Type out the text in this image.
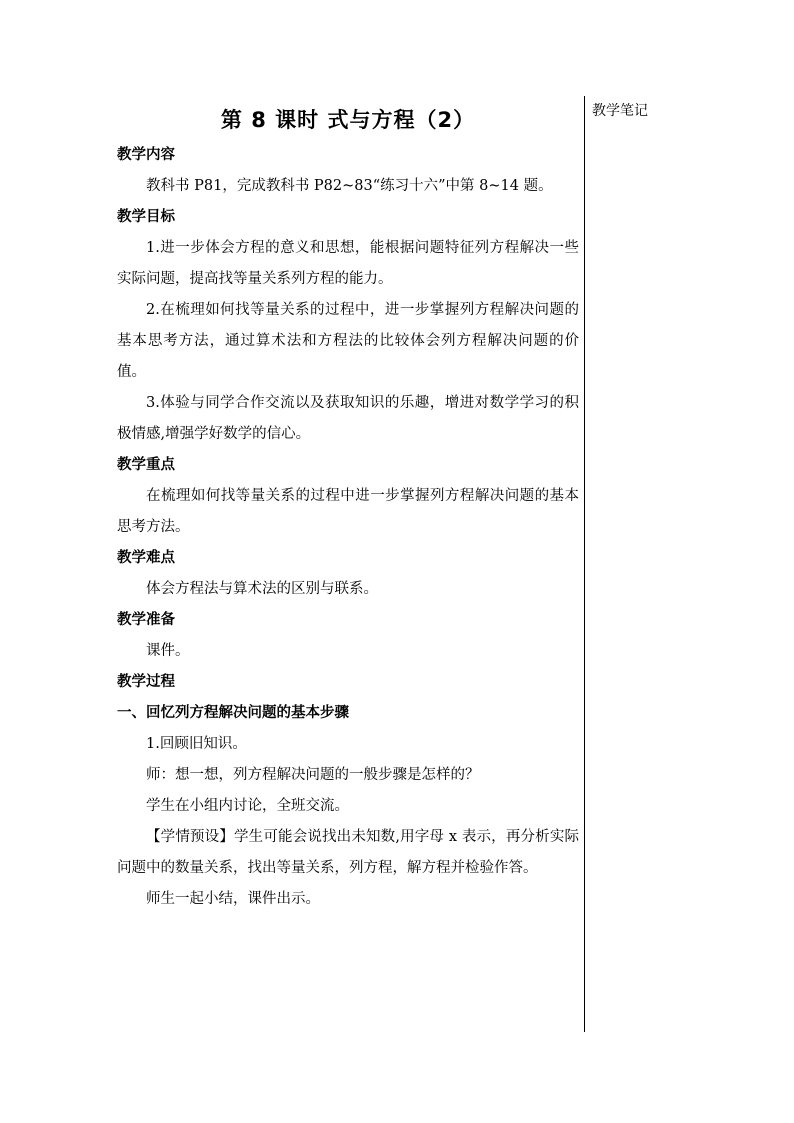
第 8 课时 式与方程（2）

教学内容

教科书 P81，完成教科书 P82~83“练习十六”中第 8~14 题。

教学目标

1.进一步体会方程的意义和思想，能根据问题特征列方程解决一些实际问题，提高找等量关系列方程的能力。

2.在梳理如何找等量关系的过程中，进一步掌握列方程解决问题的基本思考方法，通过算术法和方程法的比较体会列方程解决问题的价值。

3.体验与同学合作交流以及获取知识的乐趣，增进对数学学习的积极情感,增强学好数学的信心。

教学重点

在梳理如何找等量关系的过程中进一步掌握列方程解决问题的基本思考方法。

教学难点

体会方程法与算术法的区别与联系。

教学准备

课件。

教学过程

一、回忆列方程解决问题的基本步骤

1.回顾旧知识。

师：想一想，列方程解决问题的一般步骤是怎样的？

学生在小组内讨论，全班交流。

【学情预设】学生可能会说找出未知数,用字母 x 表示，再分析实际问题中的数量关系，找出等量关系，列方程，解方程并检验作答。

师生一起小结，课件出示。

教学笔记
